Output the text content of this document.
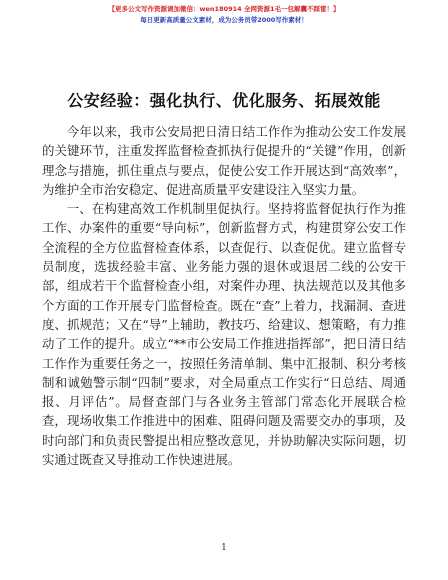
【更多公文写作资源请加微信：wen180914 全网资源1毛一包解囊不踩雷！】
每日更新高质量公文素材，成为公务员带2000写作素材！
公安经验：强化执行、优化服务、拓展效能

今年以来，我市公安局把日清日结工作作为推动公安工作发展的关键环节，注重发挥监督检查抓执行促提升的“关键”作用，创新理念与措施，抓住重点与要点，促使公安工作开展达到“高效率”，为维护全市治安稳定、促进高质量平安建设注入坚实力量。

一、在构建高效工作机制里促执行。坚持将监督促执行作为推工作、办案件的重要“导向标”，创新监督方式，构建贯穿公安工作全流程的全方位监督检查体系，以查促行、以查促优。建立监督专员制度，选拔经验丰富、业务能力强的退休或退居二线的公安干部，组成若干个监督检查小组，对案件办理、执法规范以及其他多个方面的工作开展专门监督检查。既在“查”上着力，找漏洞、查进度、抓规范；又在“导”上辅助，教技巧、给建议、想策略，有力推动了工作的提升。成立“**市公安局工作推进指挥部”，把日清日结工作作为重要任务之一，按照任务清单制、集中汇报制、积分考核制和诚勉警示制“四制”要求，对全局重点工作实行“日总结、周通报、月评估”。局督查部门与各业务主管部门常态化开展联合检查，现场收集工作推进中的困难、阻碍问题及需要交办的事项，及时向部门和负责民警提出相应整改意见，并协助解决实际问题，切实通过既查又导推动工作快速进展。

1
